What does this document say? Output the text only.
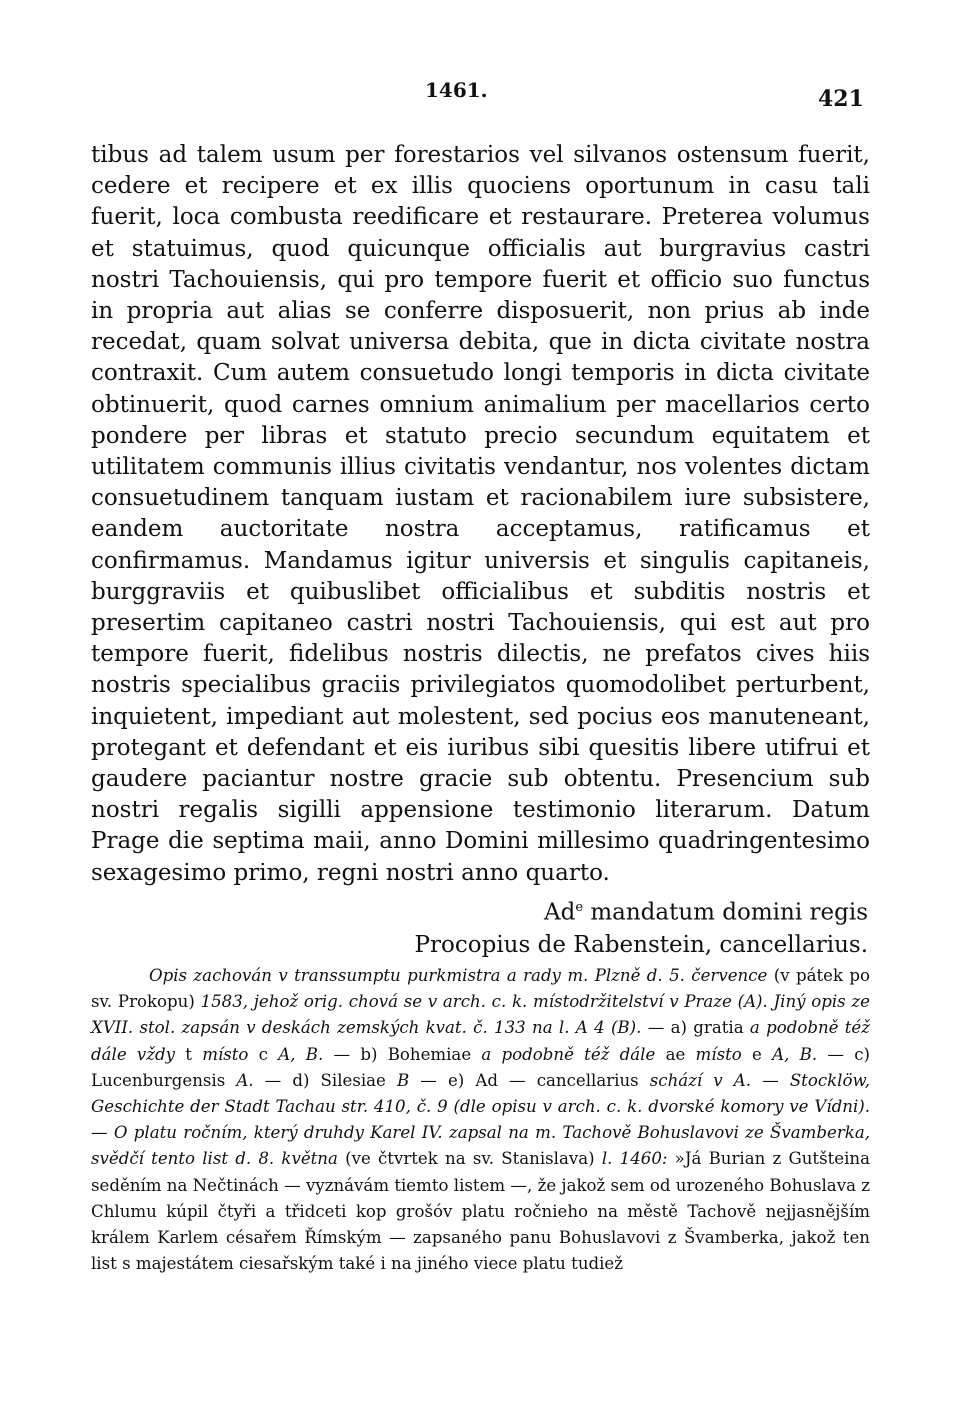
1461.	421

tibus ad talem usum per forestarios vel silvanos ostensum fuerit, cedere et recipere et ex illis quociens oportunum in casu tali fuerit, loca combusta reedificare et restaurare. Preterea volumus et statuimus, quod quicunque officialis aut burgravius castri nostri Tachouiensis, qui pro tempore fuerit et officio suo functus in propria aut alias se conferre disposuerit, non prius ab inde recedat, quam solvat universa debita, que in dicta civitate nostra contraxit. Cum autem consuetudo longi temporis in dicta civitate obtinuerit, quod carnes omnium animalium per macellarios certo pondere per libras et statuto precio secundum equitatem et utilitatem communis illius civitatis vendantur, nos volentes dictam consuetudinem tanquam iustam et racionabilem iure subsistere, eandem auctoritate nostra acceptamus, ratificamus et confirmamus. Mandamus igitur universis et singulis capitaneis, burggraviis et quibuslibet officialibus et subditis nostris et presertim capitaneo castri nostri Tachouiensis, qui est aut pro tempore fuerit, fidelibus nostris dilectis, ne prefatos cives hiis nostris specialibus graciis privilegiatos quomodolibet perturbent, inquietent, impediant aut molestent, sed pocius eos manuteneant, protegant et defendant et eis iuribus sibi quesitis libere utifrui et gaudere paciantur nostre gracie sub obtentu. Presencium sub nostri regalis sigilli appensione testimonio literarum. Datum Prage die septima maii, anno Domini millesimo quadringentesimo sexagesimo primo, regni nostri anno quarto.

Ad$^e$ mandatum domini regis
Procopius de Rabenstein, cancellarius.

Opis zachován v transsumptu purkmistra a rady m. Plzně d. 5. července (v pátek po sv. Prokopu) 1583, jehož orig. chová se v arch. c. k. místodržitelství v Praze (A). Jiný opis ze XVII. stol. zapsán v deskách zemských kvat. č. 133 na l. A 4 (B). — a) gratia a podobně též dále vždy t místo c A, B. — b) Bohemiae a podobně též dále ae místo e A, B. — c) Lucenburgensis A. — d) Silesiae B — e) Ad — cancellarius schází v A. — Stocklöw, Geschichte der Stadt Tachau str. 410, č. 9 (dle opisu v arch. c. k. dvorské komory ve Vídni). — O platu ročním, který druhdy Karel IV. zapsal na m. Tachově Bohuslavovi ze Švamberka, svědčí tento list d. 8. května (ve čtvrtek na sv. Stanislava) l. 1460: »Já Burian z Gutšteina seděním na Nečtinách — vyznávám tiemto listem —, že jakož sem od urozeného Bohuslava z Chlumu kúpil čtyři a třidceti kop grošóv platu ročnieho na městě Tachově nejjasnějším králem Karlem césařem Římským — zapsaného panu Bohuslavovi z Švamberka, jakož ten list s majestátem ciesařským také i na jiného viece platu tudiež
